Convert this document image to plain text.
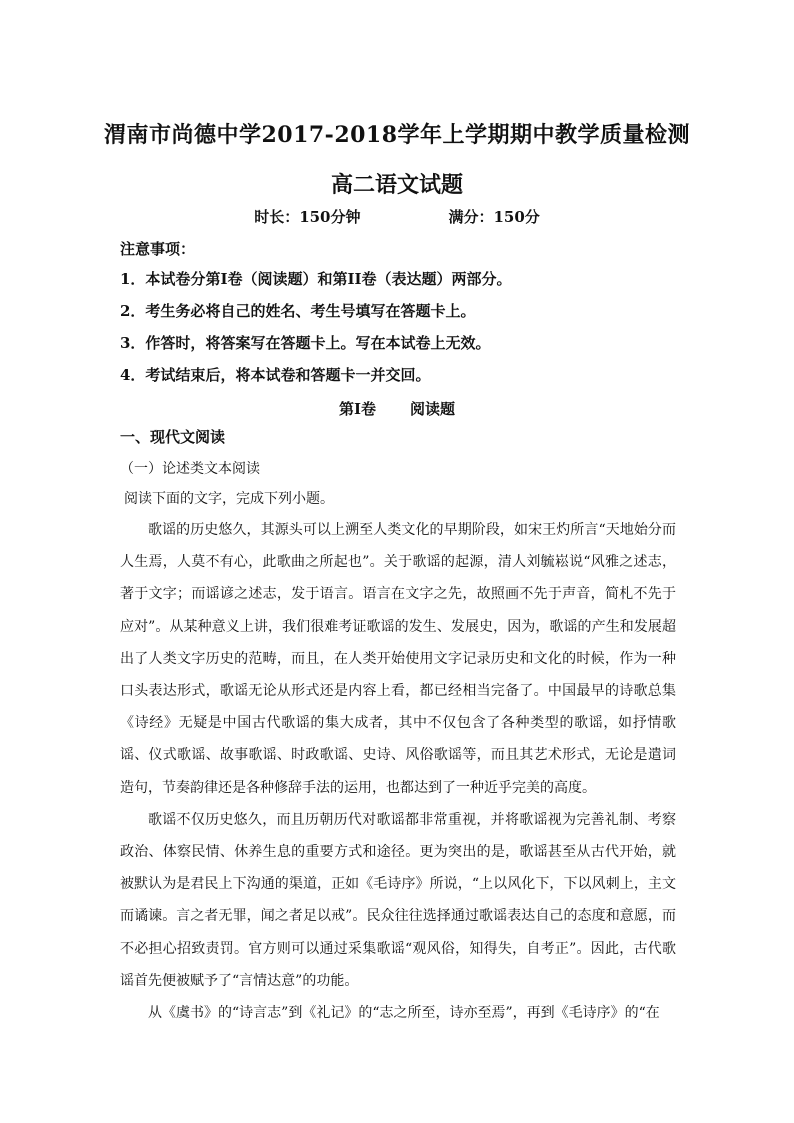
渭南市尚德中学2017-2018学年上学期期中教学质量检测
高二语文试题
时长：150分钟	满分：150分
注意事项：
1．本试卷分第Ⅰ卷（阅读题）和第II卷（表达题）两部分。
2．考生务必将自己的姓名、考生号填写在答题卡上。
3．作答时，将答案写在答题卡上。写在本试卷上无效。
4．考试结束后，将本试卷和答题卡一并交回。
第Ⅰ卷 阅读题
一、现代文阅读
（一）论述类文本阅读
阅读下面的文字，完成下列小题。

歌谣的历史悠久，其源头可以上溯至人类文化的早期阶段，如宋王灼所言“天地始分而人生焉，人莫不有心，此歌曲之所起也”。关于歌谣的起源，清人刘毓崧说“风雅之述志，著于文字；而谣谚之述志，发于语言。语言在文字之先，故照画不先于声音，简札不先于应对”。从某种意义上讲，我们很难考证歌谣的发生、发展史，因为，歌谣的产生和发展超出了人类文字历史的范畴，而且，在人类开始使用文字记录历史和文化的时候，作为一种口头表达形式，歌谣无论从形式还是内容上看，都已经相当完备了。中国最早的诗歌总集《诗经》无疑是中国古代歌谣的集大成者，其中不仅包含了各种类型的歌谣，如抒情歌谣、仪式歌谣、故事歌谣、时政歌谣、史诗、风俗歌谣等，而且其艺术形式，无论是遣词造句，节奏韵律还是各种修辞手法的运用，也都达到了一种近乎完美的高度。

歌谣不仅历史悠久，而且历朝历代对歌谣都非常重视，并将歌谣视为完善礼制、考察政治、体察民情、休养生息的重要方式和途径。更为突出的是，歌谣甚至从古代开始，就被默认为是君民上下沟通的渠道，正如《毛诗序》所说，“上以风化下，下以风刺上，主文而谲谏。言之者无罪，闻之者足以戒”。民众往往选择通过歌谣表达自己的态度和意愿，而不必担心招致责罚。官方则可以通过采集歌谣“观风俗，知得失，自考正”。因此，古代歌谣首先便被赋予了“言情达意”的功能。

从《虞书》的“诗言志”到《礼记》的“志之所至，诗亦至焉”，再到《毛诗序》的“在
